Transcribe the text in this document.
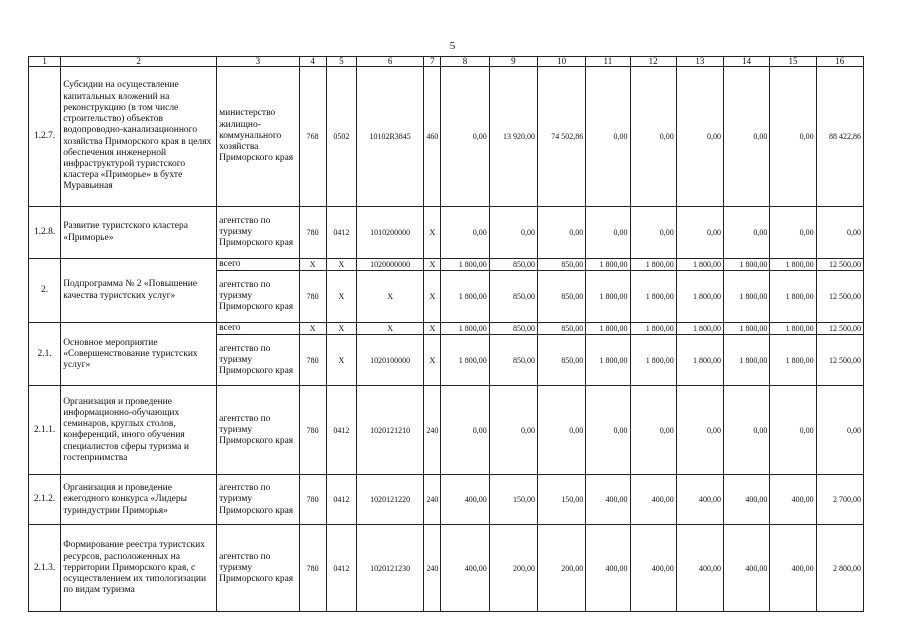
5
1	2	3	4	5	6	7	8	9	10	11	12	13	14	15	16
1.2.7.	Субсидии на осуществление капитальных вложений на реконструкцию (в том числе строительство) объектов водопроводно-канализационного хозяйства Приморского края в целях обеспечения инженерной инфраструктурой туристского кластера «Приморье» в бухте Муравьиная	министерство жилищно-коммунального хозяйства Приморского края	768	0502	10102R3845	460	0,00	13 920,00	74 502,86	0,00	0,00	0,00	0,00	0,00	88 422,86
1.2.8.	Развитие туристского кластера «Приморье»	агентство по туризму Приморского края	780	0412	1010200000	X	0,00	0,00	0,00	0,00	0,00	0,00	0,00	0,00	0,00
2.	Подпрограмма № 2 «Повышение качества туристских услуг»	всего	X	X	1020000000	X	1 800,00	850,00	850,00	1 800,00	1 800,00	1 800,00	1 800,00	1 800,00	12 500,00
		агентство по туризму Приморского края	780	X	X	X	1 800,00	850,00	850,00	1 800,00	1 800,00	1 800,00	1 800,00	1 800,00	12 500,00
2.1.	Основное мероприятие «Совершенствование туристских услуг»	всего	X	X	X	X	1 800,00	850,00	850,00	1 800,00	1 800,00	1 800,00	1 800,00	1 800,00	12 500,00
		агентство по туризму Приморского края	780	X	1020100000	X	1 800,00	850,00	850,00	1 800,00	1 800,00	1 800,00	1 800,00	1 800,00	12 500,00
2.1.1.	Организация и проведение информационно-обучающих семинаров, круглых столов, конференций, иного обучения специалистов сферы туризма и гостеприимства	агентство по туризму Приморского края	780	0412	1020121210	240	0,00	0,00	0,00	0,00	0,00	0,00	0,00	0,00	0,00
2.1.2.	Организация и проведение ежегодного конкурса «Лидеры туриндустрии Приморья»	агентство по туризму Приморского края	780	0412	1020121220	240	400,00	150,00	150,00	400,00	400,00	400,00	400,00	400,00	2 700,00
2.1.3.	Формирование реестра туристских ресурсов, расположенных на территории Приморского края, с осуществлением их типологизации по видам туризма	агентство по туризму Приморского края	780	0412	1020121230	240	400,00	200,00	200,00	400,00	400,00	400,00	400,00	400,00	2 800,00
